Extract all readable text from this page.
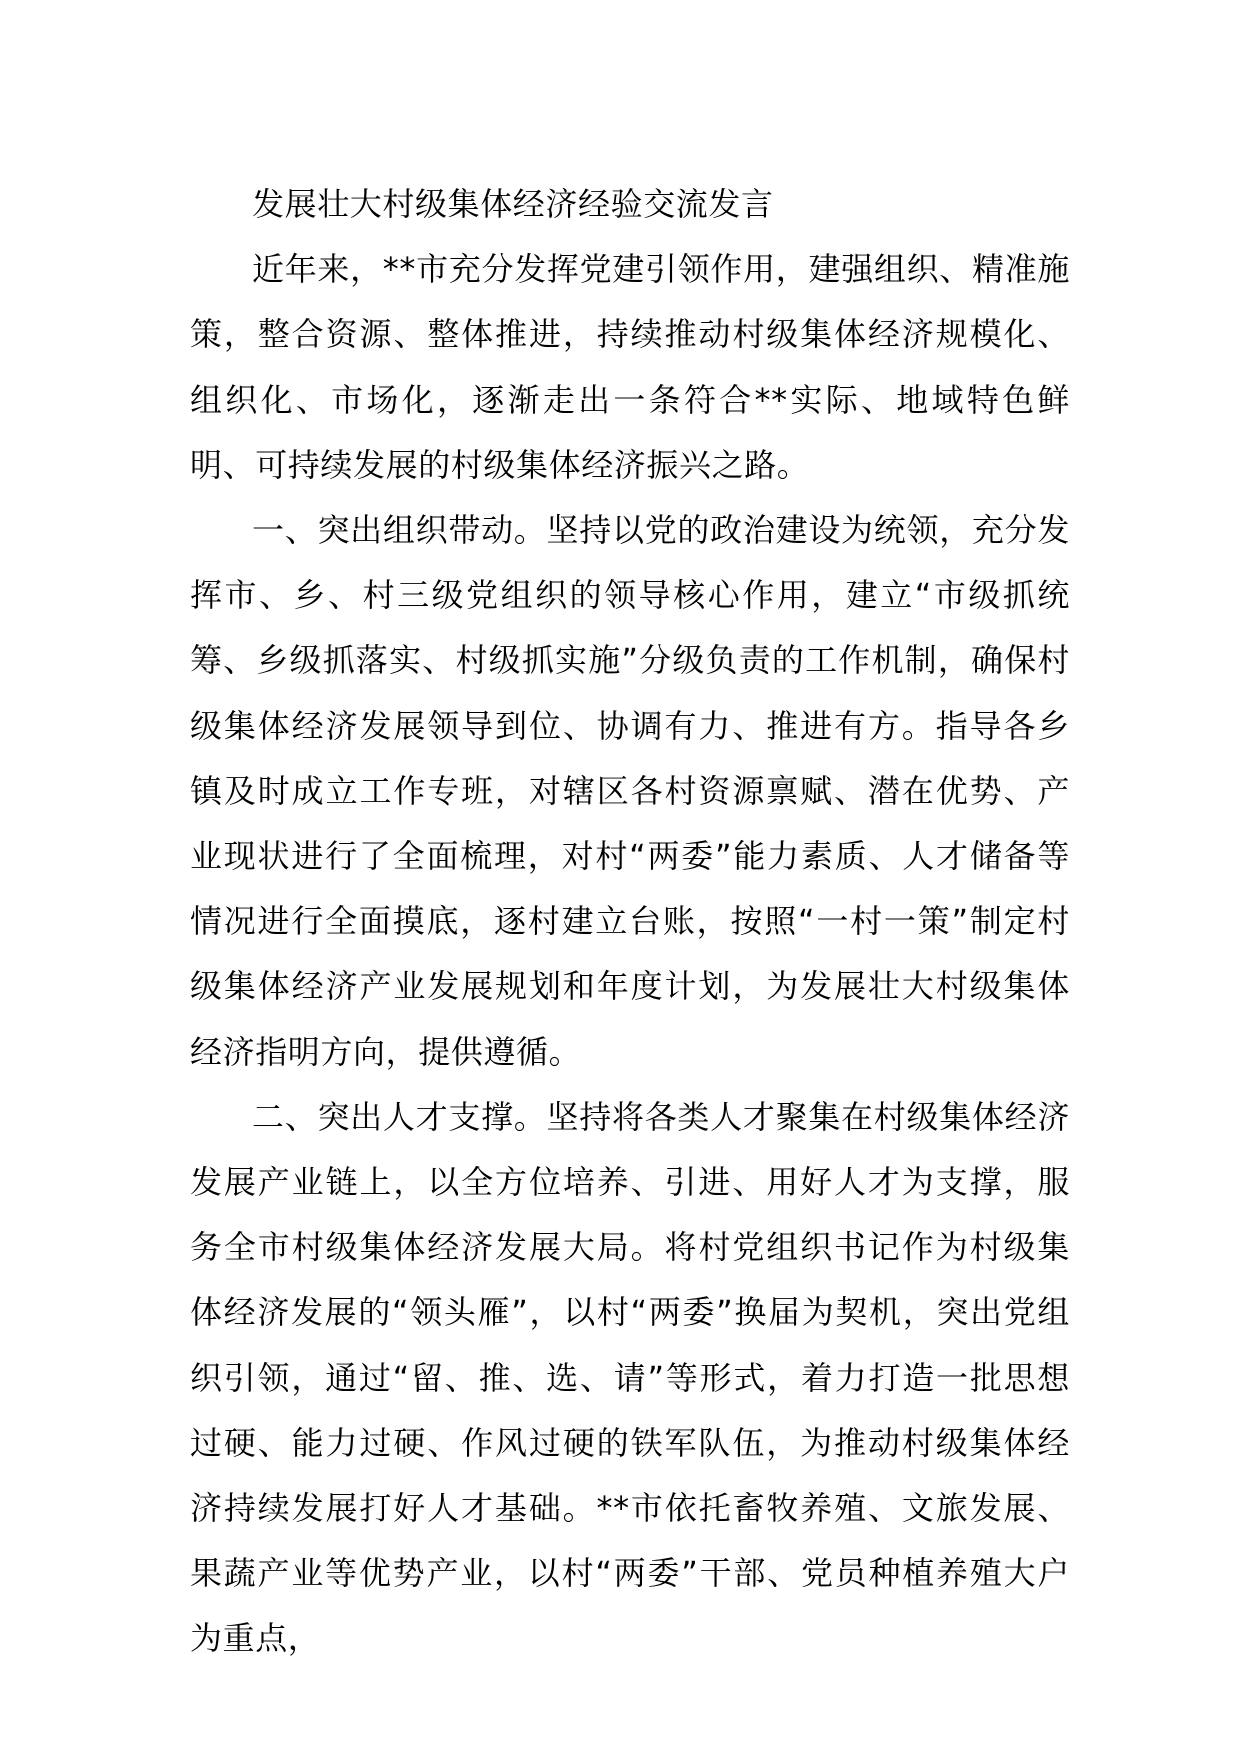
发展壮大村级集体经济经验交流发言

近年来，**市充分发挥党建引领作用，建强组织、精准施策，整合资源、整体推进，持续推动村级集体经济规模化、组织化、市场化，逐渐走出一条符合**实际、地域特色鲜明、可持续发展的村级集体经济振兴之路。

一、突出组织带动。坚持以党的政治建设为统领，充分发挥市、乡、村三级党组织的领导核心作用，建立“市级抓统筹、乡级抓落实、村级抓实施”分级负责的工作机制，确保村级集体经济发展领导到位、协调有力、推进有方。指导各乡镇及时成立工作专班，对辖区各村资源禀赋、潜在优势、产业现状进行了全面梳理，对村“两委”能力素质、人才储备等情况进行全面摸底，逐村建立台账，按照“一村一策”制定村级集体经济产业发展规划和年度计划，为发展壮大村级集体经济指明方向，提供遵循。

二、突出人才支撑。坚持将各类人才聚集在村级集体经济发展产业链上，以全方位培养、引进、用好人才为支撑，服务全市村级集体经济发展大局。将村党组织书记作为村级集体经济发展的“领头雁”，以村“两委”换届为契机，突出党组织引领，通过“留、推、选、请”等形式，着力打造一批思想过硬、能力过硬、作风过硬的铁军队伍，为推动村级集体经济持续发展打好人才基础。**市依托畜牧养殖、文旅发展、果蔬产业等优势产业，以村“两委”干部、党员种植养殖大户为重点，
